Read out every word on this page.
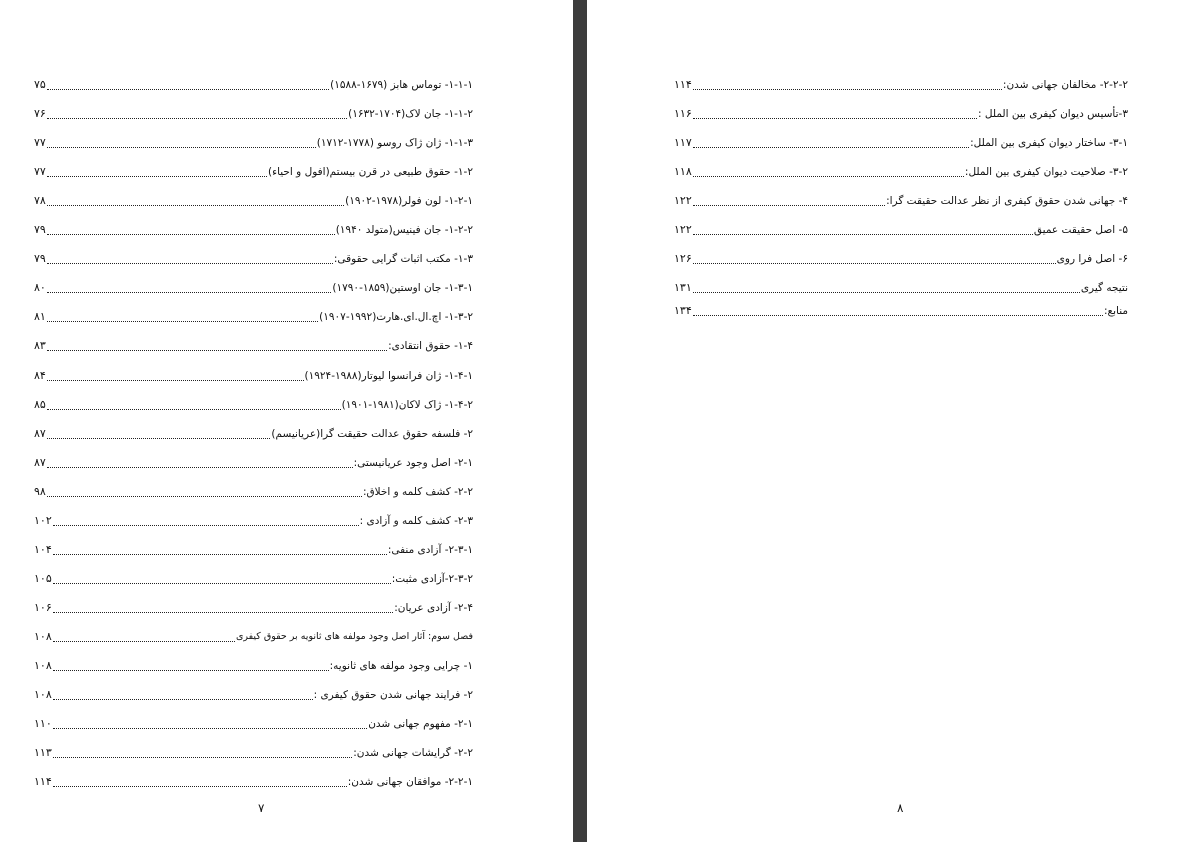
۱-۱-۱- توماس هابز (۱۶۷۹-۱۵۸۸)
۷۵
۱-۱-۲- جان لاک(۱۷۰۴-۱۶۳۲)
۷۶
۱-۱-۳- ژان ژاک روسو (۱۷۷۸-۱۷۱۲)
۷۷
۱-۲- حقوق طبیعی در قرن بیستم(افول و احیاء)
۷۷
۱-۲-۱- لون فولر(۱۹۷۸-۱۹۰۲)
۷۸
۱-۲-۲- جان فینیس(متولد ۱۹۴۰)
۷۹
۱-۳- مکتب اثبات گرایی حقوقی:
۷۹
۱-۳-۱- جان اوستین(۱۸۵۹-۱۷۹۰)
۸۰
۱-۳-۲- اچ.ال.ای.هارت(۱۹۹۲-۱۹۰۷)
۸۱
۱-۴- حقوق انتقادی:
۸۳
۱-۴-۱- ژان فرانسوا لیوتار(۱۹۸۸-۱۹۲۴)
۸۴
۱-۴-۲- ژاک لاکان(۱۹۸۱-۱۹۰۱)
۸۵
۲- فلسفه حقوق عدالت حقیقت گرا(عریانیسم)
۸۷
۲-۱- اصل وجود عریانیستی:
۸۷
۲-۲- کشف کلمه و اخلاق:
۹۸
۲-۳- کشف کلمه و آزادی :
۱۰۲
۲-۳-۱- آزادی منفی:
۱۰۴
۲-۳-۲-آزادی مثبت:
۱۰۵
۲-۴- آزادی عریان:
۱۰۶
فصل سوم: آثار اصل وجود مولفه های ثانویه بر حقوق کیفری
۱۰۸
۱- چرایی وجود مولفه های ثانویه:
۱۰۸
۲- فرایند جهانی شدن حقوق کیفری :
۱۰۸
۲-۱- مفهوم جهانی شدن
۱۱۰
۲-۲- گرایشات جهانی شدن:
۱۱۳
۲-۲-۱- موافقان جهانی شدن:
۱۱۴
۷
۲-۲-۲- مخالفان جهانی شدن:
۱۱۴
۳-تأسیس دیوان کیفری بین الملل :
۱۱۶
۳-۱- ساختار دیوان کیفری بین الملل:
۱۱۷
۳-۲- صلاحیت دیوان کیفری بین الملل:
۱۱۸
۴- جهانی شدن حقوق کیفری از نظر عدالت حقیقت گرا:
۱۲۲
۵- اصل حقیقت عمیق
۱۲۲
۶- اصل فرا روی
۱۲۶
نتیجه گیری
۱۳۱
منابع:
۱۳۴
۸
